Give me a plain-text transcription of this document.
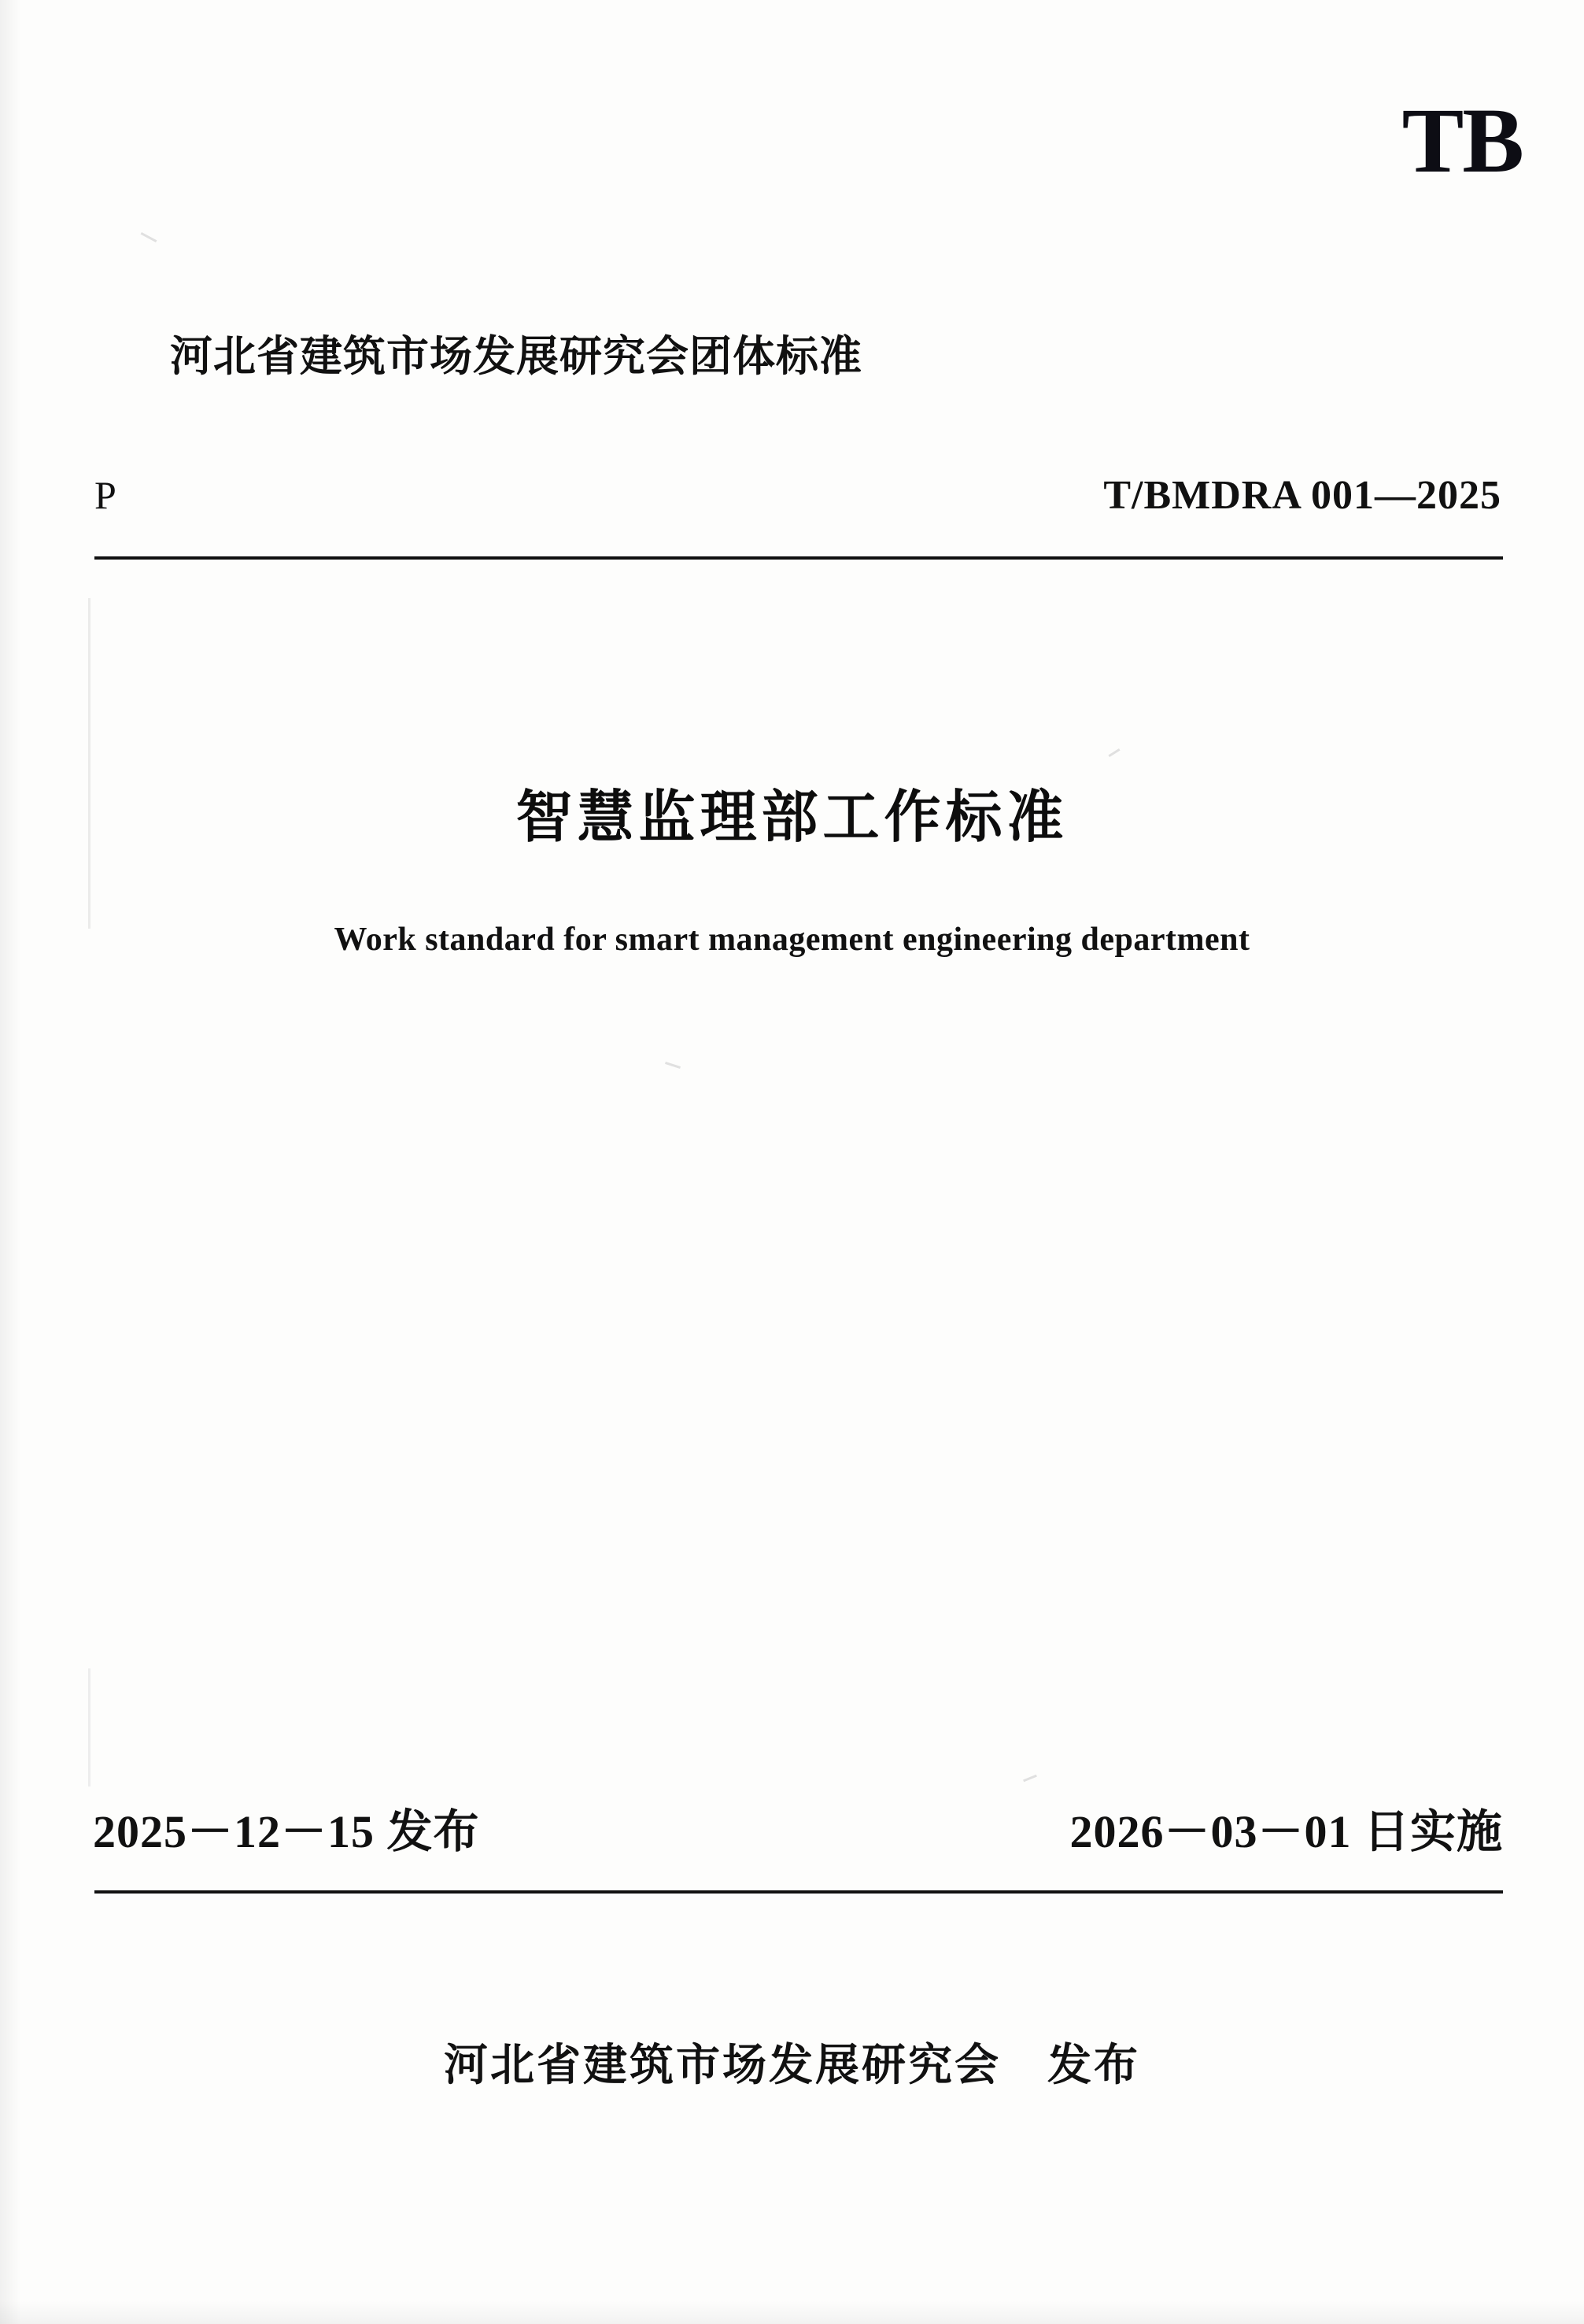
TB
河北省建筑市场发展研究会团体标准
P	T/BMDRA 001—2025
智慧监理部工作标准
Work standard for smart management engineering department
2025－12－15 发布	2026－03－01 日实施
河北省建筑市场发展研究会　发布
